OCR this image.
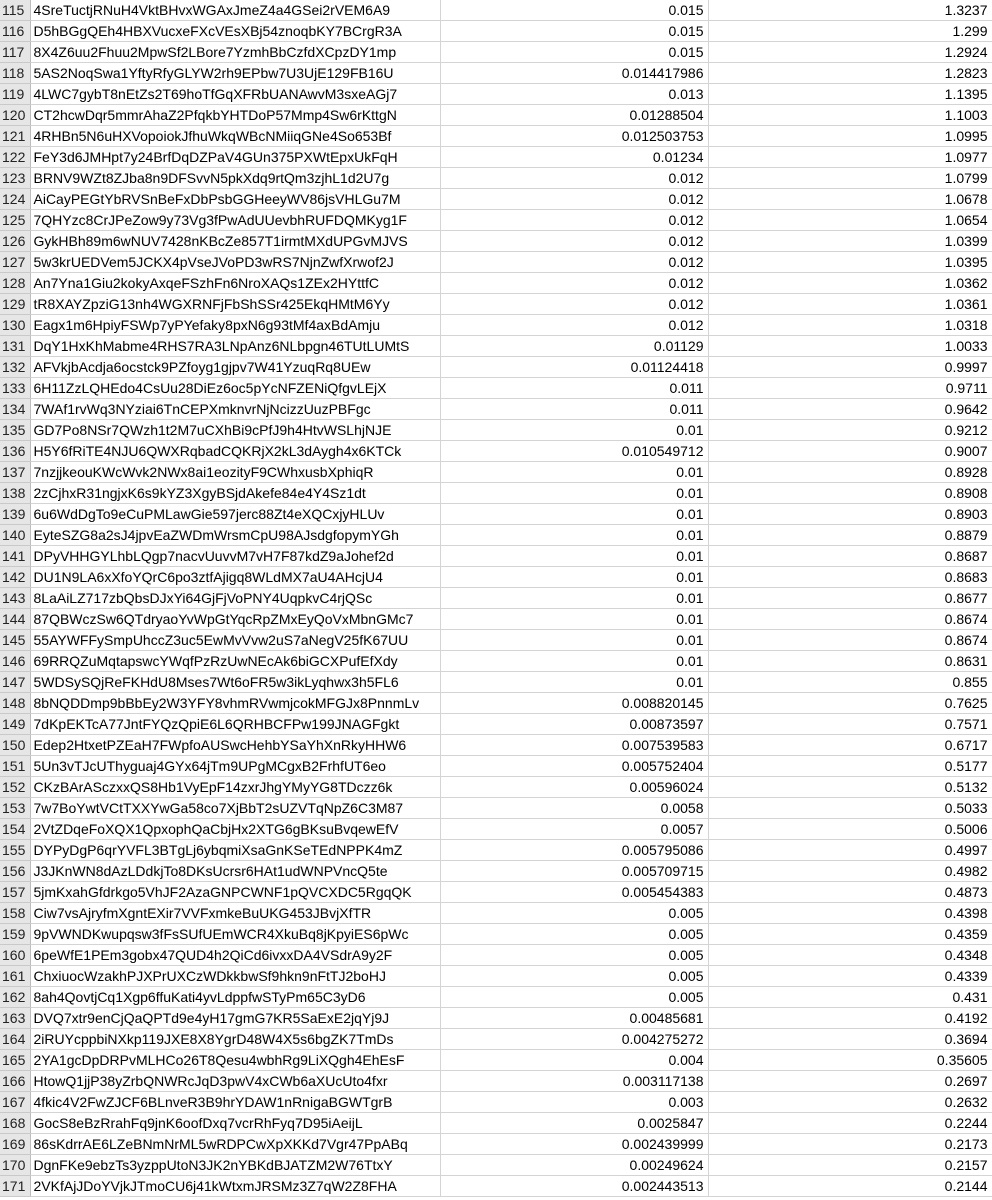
115	4SreTuctjRNuH4VktBHvxWGAxJmeZ4a4GSei2rVEM6A9	0.015	1.3237
116	D5hBGgQEh4HBXVucxeFXcVEsXBj54znoqbKY7BCrgR3A	0.015	1.299
117	8X4Z6uu2Fhuu2MpwSf2LBore7YzmhBbCzfdXCpzDY1mp	0.015	1.2924
118	5AS2NoqSwa1YftyRfyGLYW2rh9EPbw7U3UjE129FB16U	0.014417986	1.2823
119	4LWC7gybT8nEtZs2T69hoTfGqXFRbUANAwvM3sxeAGj7	0.013	1.1395
120	CT2hcwDqr5mmrAhaZ2PfqkbYHTDoP57Mmp4Sw6rKttgN	0.01288504	1.1003
121	4RHBn5N6uHXVopoiokJfhuWkqWBcNMiiqGNe4So653Bf	0.012503753	1.0995
122	FeY3d6JMHpt7y24BrfDqDZPaV4GUn375PXWtEpxUkFqH	0.01234	1.0977
123	BRNV9WZt8ZJba8n9DFSvvN5pkXdq9rtQm3zjhL1d2U7g	0.012	1.0799
124	AiCayPEGtYbRVSnBeFxDbPsbGGHeeyWV86jsVHLGu7M	0.012	1.0678
125	7QHYzc8CrJPeZow9y73Vg3fPwAdUUevbhRUFDQMKyg1F	0.012	1.0654
126	GykHBh89m6wNUV7428nKBcZe857T1irmtMXdUPGvMJVS	0.012	1.0399
127	5w3krUEDVem5JCKX4pVseJVoPD3wRS7NjnZwfXrwof2J	0.012	1.0395
128	An7Yna1Giu2kokyAxqeFSzhFn6NroXAQs1ZEx2HYttfC	0.012	1.0362
129	tR8XAYZpziG13nh4WGXRNFjFbShSSr425EkqHMtM6Yy	0.012	1.0361
130	Eagx1m6HpiyFSWp7yPYefaky8pxN6g93tMf4axBdAmju	0.012	1.0318
131	DqY1HxKhMabme4RHS7RA3LNpAnz6NLbpgn46TUtLUMtS	0.01129	1.0033
132	AFVkjbAcdja6ocstck9PZfoyg1gjpv7W41YzuqRq8UEw	0.01124418	0.9997
133	6H11ZzLQHEdo4CsUu28DiEz6oc5pYcNFZENiQfgvLEjX	0.011	0.9711
134	7WAf1rvWq3NYziai6TnCEPXmknvrNjNcizzUuzPBFgc	0.011	0.9642
135	GD7Po8NSr7QWzh1t2M7uCXhBi9cPfJ9h4HtvWSLhjNJE	0.01	0.9212
136	H5Y6fRiTE4NJU6QWXRqbadCQKRjX2kL3dAygh4x6KTCk	0.010549712	0.9007
137	7nzjjkeouKWcWvk2NWx8ai1eozityF9CWhxusbXphiqR	0.01	0.8928
138	2zCjhxR31ngjxK6s9kYZ3XgyBSjdAkefe84e4Y4Sz1dt	0.01	0.8908
139	6u6WdDgTo9eCuPMLawGie597jerc88Zt4eXQCxjyHLUv	0.01	0.8903
140	EyteSZG8a2sJ4jpvEaZWDmWrsmCpU98AJsdgfopymYGh	0.01	0.8879
141	DPyVHHGYLhbLQgp7nacvUuvvM7vH7F87kdZ9aJohef2d	0.01	0.8687
142	DU1N9LA6xXfoYQrC6po3ztfAjigq8WLdMX7aU4AHcjU4	0.01	0.8683
143	8LaAiLZ717zbQbsDJxYi64GjFjVoPNY4UqpkvC4rjQSc	0.01	0.8677
144	87QBWczSw6QTdryaoYvWpGtYqcRpZMxEyQoVxMbnGMc7	0.01	0.8674
145	55AYWFFySmpUhccZ3uc5EwMvVvw2uS7aNegV25fK67UU	0.01	0.8674
146	69RRQZuMqtapswcYWqfPzRzUwNEcAk6biGCXPufEfXdy	0.01	0.8631
147	5WDSySQjReFKHdU8Mses7Wt6oFR5w3ikLyqhwx3h5FL6	0.01	0.855
148	8bNQDDmp9bBbEy2W3YFY8vhmRVwmjcokMFGJx8PnnmLv	0.008820145	0.7625
149	7dKpEKTcA77JntFYQzQpiE6L6QRHBCFPw199JNAGFgkt	0.00873597	0.7571
150	Edep2HtxetPZEaH7FWpfoAUSwcHehbYSaYhXnRkyHHW6	0.007539583	0.6717
151	5Un3vTJcUThyguaj4GYx64jTm9UPgMCgxB2FrhfUT6eo	0.005752404	0.5177
152	CKzBArASczxxQS8Hb1VyEpF14zxrJhgYMyYG8TDczz6k	0.00596024	0.5132
153	7w7BoYwtVCtTXXYwGa58co7XjBbT2sUZVTqNpZ6C3M87	0.0058	0.5033
154	2VtZDqeFoXQX1QpxophQaCbjHx2XTG6gBKsuBvqewEfV	0.0057	0.5006
155	DYPyDgP6qrYVFL3BTgLj6ybqmiXsaGnKSeTEdNPPK4mZ	0.005795086	0.4997
156	J3JKnWN8dAzLDdkjTo8DKsUcrsr6HAt1udWNPVncQ5te	0.005709715	0.4982
157	5jmKxahGfdrkgo5VhJF2AzaGNPCWNF1pQVCXDC5RgqQK	0.005454383	0.4873
158	Ciw7vsAjryfmXgntEXir7VVFxmkeBuUKG453JBvjXfTR	0.005	0.4398
159	9pVWNDKwupqsw3fFsSUfUEmWCR4XkuBq8jKpyiES6pWc	0.005	0.4359
160	6peWfE1PEm3gobx47QUD4h2QiCd6ivxxDA4VSdrA9y2F	0.005	0.4348
161	ChxiuocWzakhPJXPrUXCzWDkkbwSf9hkn9nFtTJ2boHJ	0.005	0.4339
162	8ah4QovtjCq1Xgp6ffuKati4yvLdppfwSTyPm65C3yD6	0.005	0.431
163	DVQ7xtr9enCjQaQPTd9e4yH17gmG7KR5SaExE2jqYj9J	0.00485681	0.4192
164	2iRUYcppbiNXkp119JXE8X8YgrD48W4X5s6bgZK7TmDs	0.004275272	0.3694
165	2YA1gcDpDRPvMLHCo26T8Qesu4wbhRg9LiXQgh4EhEsF	0.004	0.35605
166	HtowQ1jjP38yZrbQNWRcJqD3pwV4xCWb6aXUcUto4fxr	0.003117138	0.2697
167	4fkic4V2FwZJCF6BLnveR3B9hrYDAW1nRnigaBGWTgrB	0.003	0.2632
168	GocS8eBzRrahFq9jnK6oofDxq7vcrRhFyq7D95iAeijL	0.0025847	0.2244
169	86sKdrrAE6LZeBNmNrML5wRDPCwXpXKKd7Vgr47PpABq	0.002439999	0.2173
170	DgnFKe9ebzTs3yzppUtoN3JK2nYBKdBJATZM2W76TtxY	0.00249624	0.2157
171	2VKfAjJDoYVjkJTmoCU6j41kWtxmJRSMz3Z7qW2Z8FHA	0.002443513	0.2144
